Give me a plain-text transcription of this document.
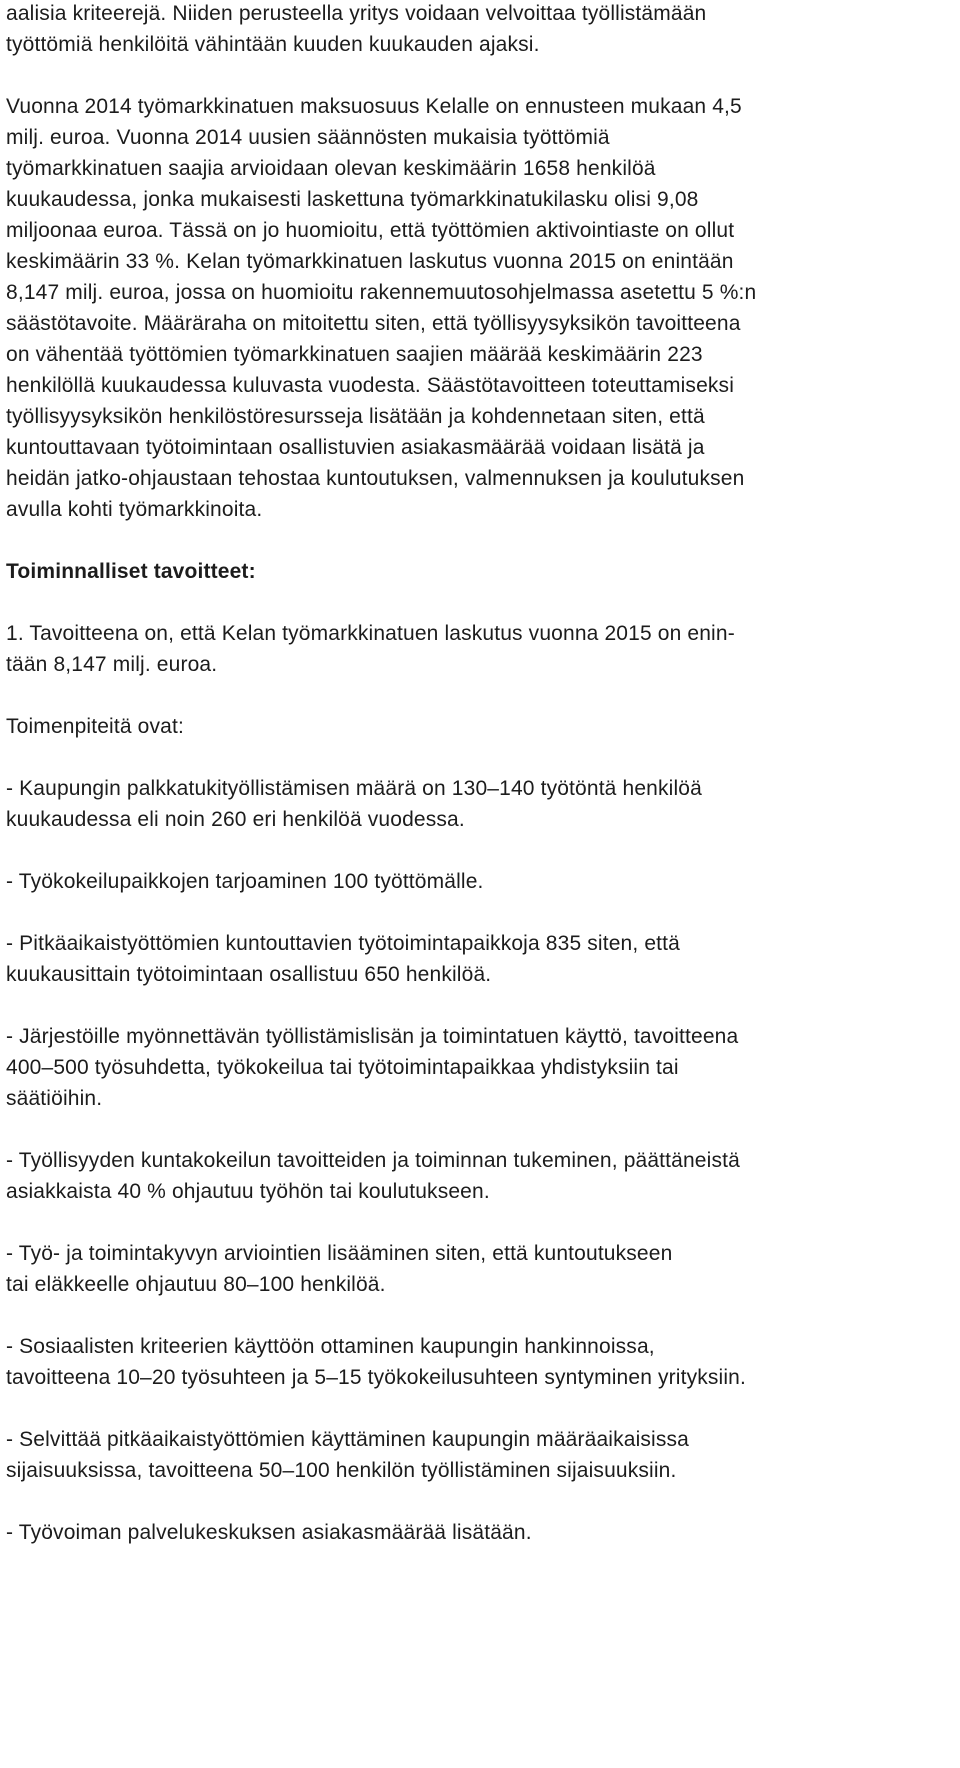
aalisia kriteerejä. Niiden perusteella yritys voidaan velvoittaa työllistämään

työttömiä henkilöitä vähintään kuuden kuukauden ajaksi.

Vuonna 2014 työmarkkinatuen maksuosuus Kelalle on ennusteen mukaan 4,5

milj. euroa. Vuonna 2014 uusien säännösten mukaisia työttömiä

työmarkkinatuen saajia arvioidaan olevan keskimäärin 1658 henkilöä

kuukaudessa, jonka mukaisesti laskettuna työmarkkinatukilasku olisi 9,08

miljoonaa euroa. Tässä on jo huomioitu, että työttömien aktivointiaste on ollut

keskimäärin 33 %. Kelan työmarkkinatuen laskutus vuonna 2015 on enintään

8,147 milj. euroa, jossa on huomioitu rakennemuutosohjelmassa asetettu 5 %:n

säästötavoite. Määräraha on mitoitettu siten, että työllisyysyksikön tavoitteena

on vähentää työttömien työmarkkinatuen saajien määrää keskimäärin 223

henkilöllä kuukaudessa kuluvasta vuodesta. Säästötavoitteen toteuttamiseksi

työllisyysyksikön henkilöstöresursseja lisätään ja kohdennetaan siten, että

kuntouttavaan työtoimintaan osallistuvien asiakasmäärää voidaan lisätä ja

heidän jatko-ohjaustaan tehostaa kuntoutuksen, valmennuksen ja koulutuksen

avulla kohti työmarkkinoita.

Toiminnalliset tavoitteet:

1. Tavoitteena on, että Kelan työmarkkinatuen laskutus vuonna 2015 on enin-

tään 8,147 milj. euroa.

Toimenpiteitä ovat:

- Kaupungin palkkatukityöllistämisen määrä on 130–140 työtöntä henkilöä

kuukaudessa eli noin 260 eri henkilöä vuodessa.

- Työkokeilupaikkojen tarjoaminen 100 työttömälle.

- Pitkäaikaistyöttömien kuntouttavien työtoimintapaikkoja 835 siten, että

kuukausittain työtoimintaan osallistuu 650 henkilöä.

- Järjestöille myönnettävän työllistämislisän ja toimintatuen käyttö, tavoitteena

400–500 työsuhdetta, työkokeilua tai työtoimintapaikkaa yhdistyksiin tai

säätiöihin.

- Työllisyyden kuntakokeilun tavoitteiden ja toiminnan tukeminen, päättäneistä

asiakkaista 40 % ohjautuu työhön tai koulutukseen.

- Työ- ja toimintakyvyn arviointien lisääminen siten, että kuntoutukseen

tai eläkkeelle ohjautuu 80–100 henkilöä.

- Sosiaalisten kriteerien käyttöön ottaminen kaupungin hankinnoissa,

tavoitteena 10–20 työsuhteen ja 5–15 työkokeilusuhteen syntyminen yrityksiin.

- Selvittää pitkäaikaistyöttömien käyttäminen kaupungin määräaikaisissa

sijaisuuksissa, tavoitteena 50–100 henkilön työllistäminen sijaisuuksiin.

- Työvoiman palvelukeskuksen asiakasmäärää lisätään.
